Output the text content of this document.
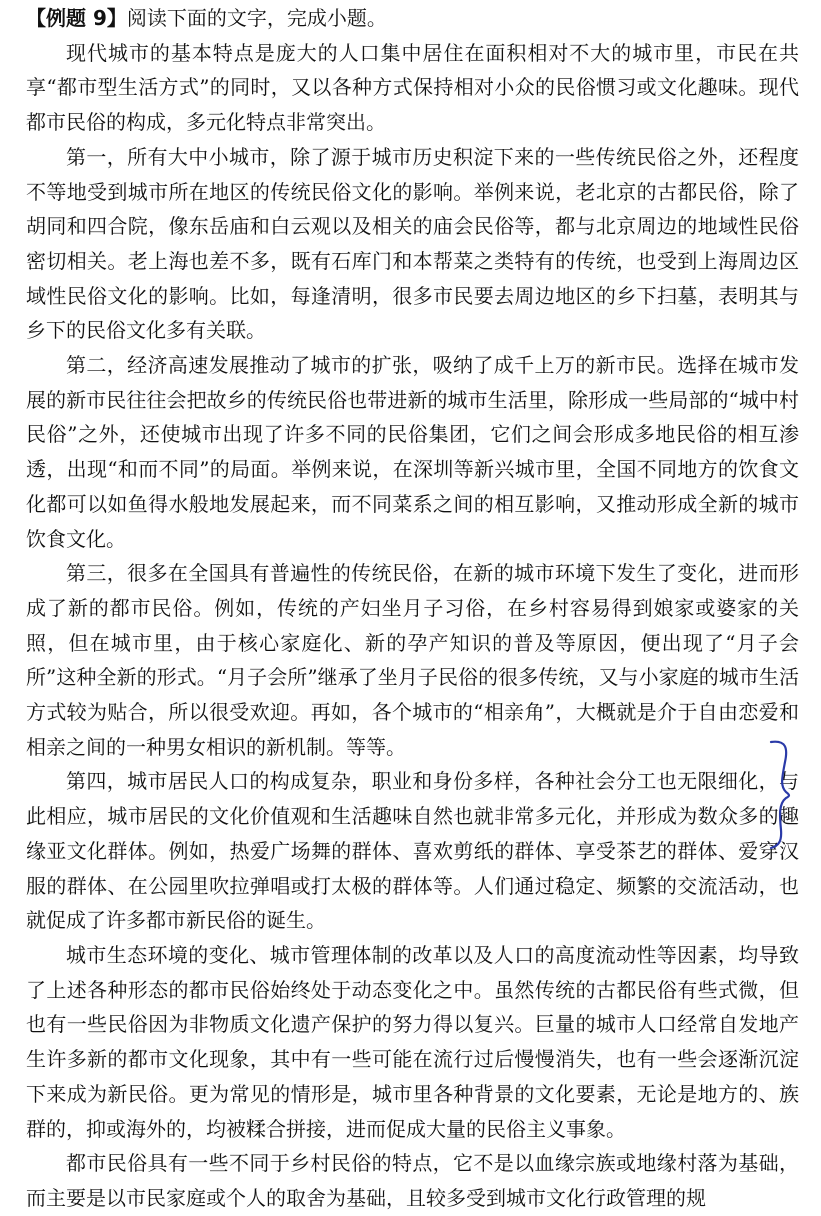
【例题 9】阅读下面的文字，完成小题。

现代城市的基本特点是庞大的人口集中居住在面积相对不大的城市里，市民在共享“都市型生活方式”的同时，又以各种方式保持相对小众的民俗惯习或文化趣味。现代都市民俗的构成，多元化特点非常突出。

第一，所有大中小城市，除了源于城市历史积淀下来的一些传统民俗之外，还程度不等地受到城市所在地区的传统民俗文化的影响。举例来说，老北京的古都民俗，除了胡同和四合院，像东岳庙和白云观以及相关的庙会民俗等，都与北京周边的地域性民俗密切相关。老上海也差不多，既有石库门和本帮菜之类特有的传统，也受到上海周边区域性民俗文化的影响。比如，每逢清明，很多市民要去周边地区的乡下扫墓，表明其与乡下的民俗文化多有关联。

第二，经济高速发展推动了城市的扩张，吸纳了成千上万的新市民。选择在城市发展的新市民往往会把故乡的传统民俗也带进新的城市生活里，除形成一些局部的“城中村民俗”之外，还使城市出现了许多不同的民俗集团，它们之间会形成多地民俗的相互渗透，出现“和而不同”的局面。举例来说，在深圳等新兴城市里，全国不同地方的饮食文化都可以如鱼得水般地发展起来，而不同菜系之间的相互影响，又推动形成全新的城市饮食文化。

第三，很多在全国具有普遍性的传统民俗，在新的城市环境下发生了变化，进而形成了新的都市民俗。例如，传统的产妇坐月子习俗，在乡村容易得到娘家或婆家的关照，但在城市里，由于核心家庭化、新的孕产知识的普及等原因，便出现了“月子会所”这种全新的形式。“月子会所”继承了坐月子民俗的很多传统，又与小家庭的城市生活方式较为贴合，所以很受欢迎。再如，各个城市的“相亲角”，大概就是介于自由恋爱和相亲之间的一种男女相识的新机制。等等。

第四，城市居民人口的构成复杂，职业和身份多样，各种社会分工也无限细化，与此相应，城市居民的文化价值观和生活趣味自然也就非常多元化，并形成为数众多的趣缘亚文化群体。例如，热爱广场舞的群体、喜欢剪纸的群体、享受茶艺的群体、爱穿汉服的群体、在公园里吹拉弹唱或打太极的群体等。人们通过稳定、频繁的交流活动，也就促成了许多都市新民俗的诞生。

城市生态环境的变化、城市管理体制的改革以及人口的高度流动性等因素，均导致了上述各种形态的都市民俗始终处于动态变化之中。虽然传统的古都民俗有些式微，但也有一些民俗因为非物质文化遗产保护的努力得以复兴。巨量的城市人口经常自发地产生许多新的都市文化现象，其中有一些可能在流行过后慢慢消失，也有一些会逐渐沉淀下来成为新民俗。更为常见的情形是，城市里各种背景的文化要素，无论是地方的、族群的，抑或海外的，均被糅合拼接，进而促成大量的民俗主义事象。

都市民俗具有一些不同于乡村民俗的特点，它不是以血缘宗族或地缘村落为基础，而主要是以市民家庭或个人的取舍为基础，且较多受到城市文化行政管理的规
